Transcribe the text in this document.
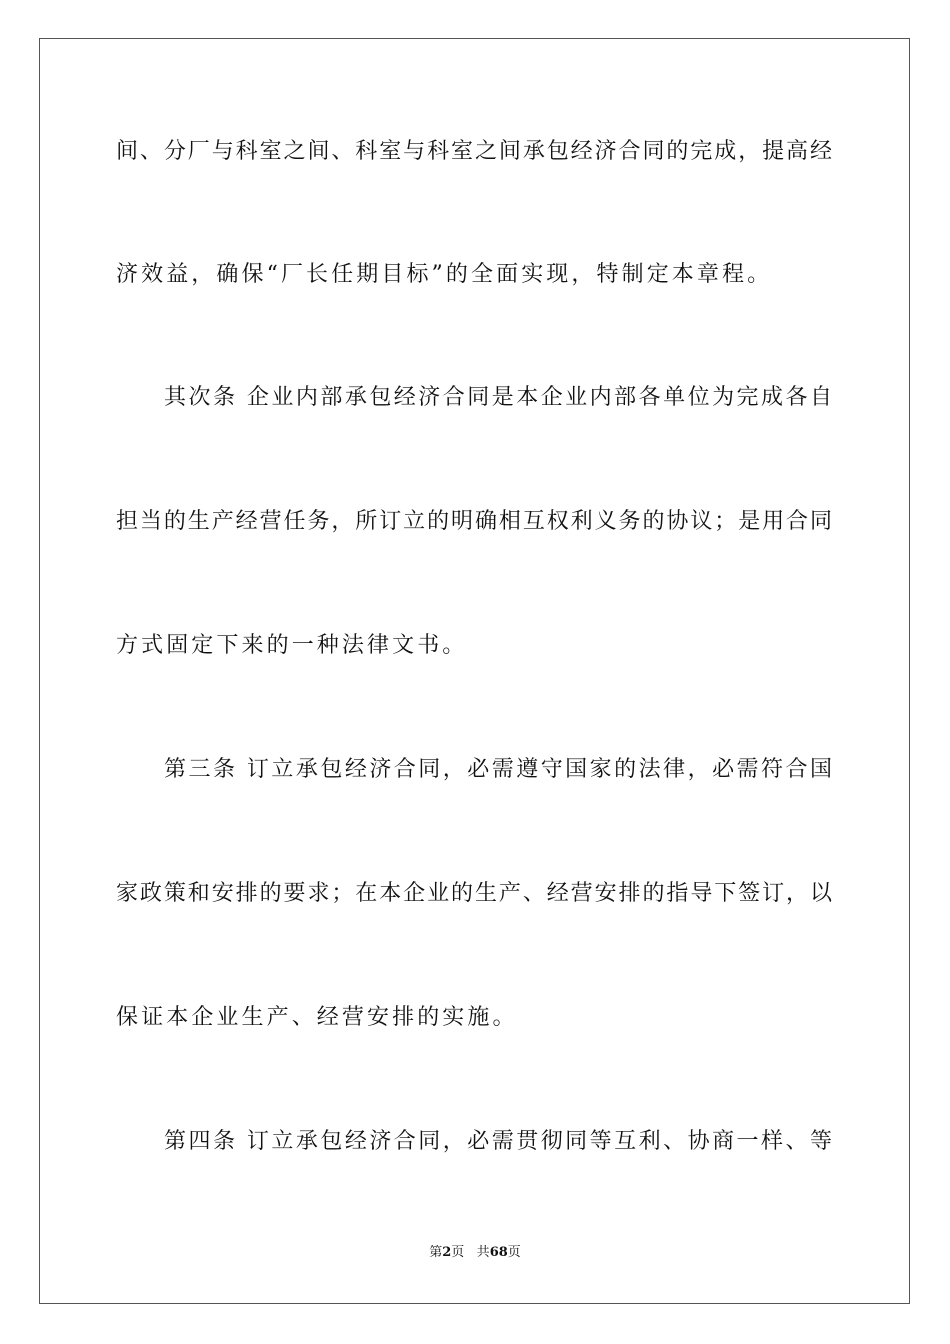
间、分厂与科室之间、科室与科室之间承包经济合同的完成，提高经
济效益，确保“厂长任期目标”的全面实现，特制定本章程。
其次条 企业内部承包经济合同是本企业内部各单位为完成各自
担当的生产经营任务，所订立的明确相互权利义务的协议；是用合同
方式固定下来的一种法律文书。
第三条 订立承包经济合同，必需遵守国家的法律，必需符合国
家政策和安排的要求；在本企业的生产、经营安排的指导下签订，以
保证本企业生产、经营安排的实施。
第四条 订立承包经济合同，必需贯彻同等互利、协商一样、等
第2页 共68页
